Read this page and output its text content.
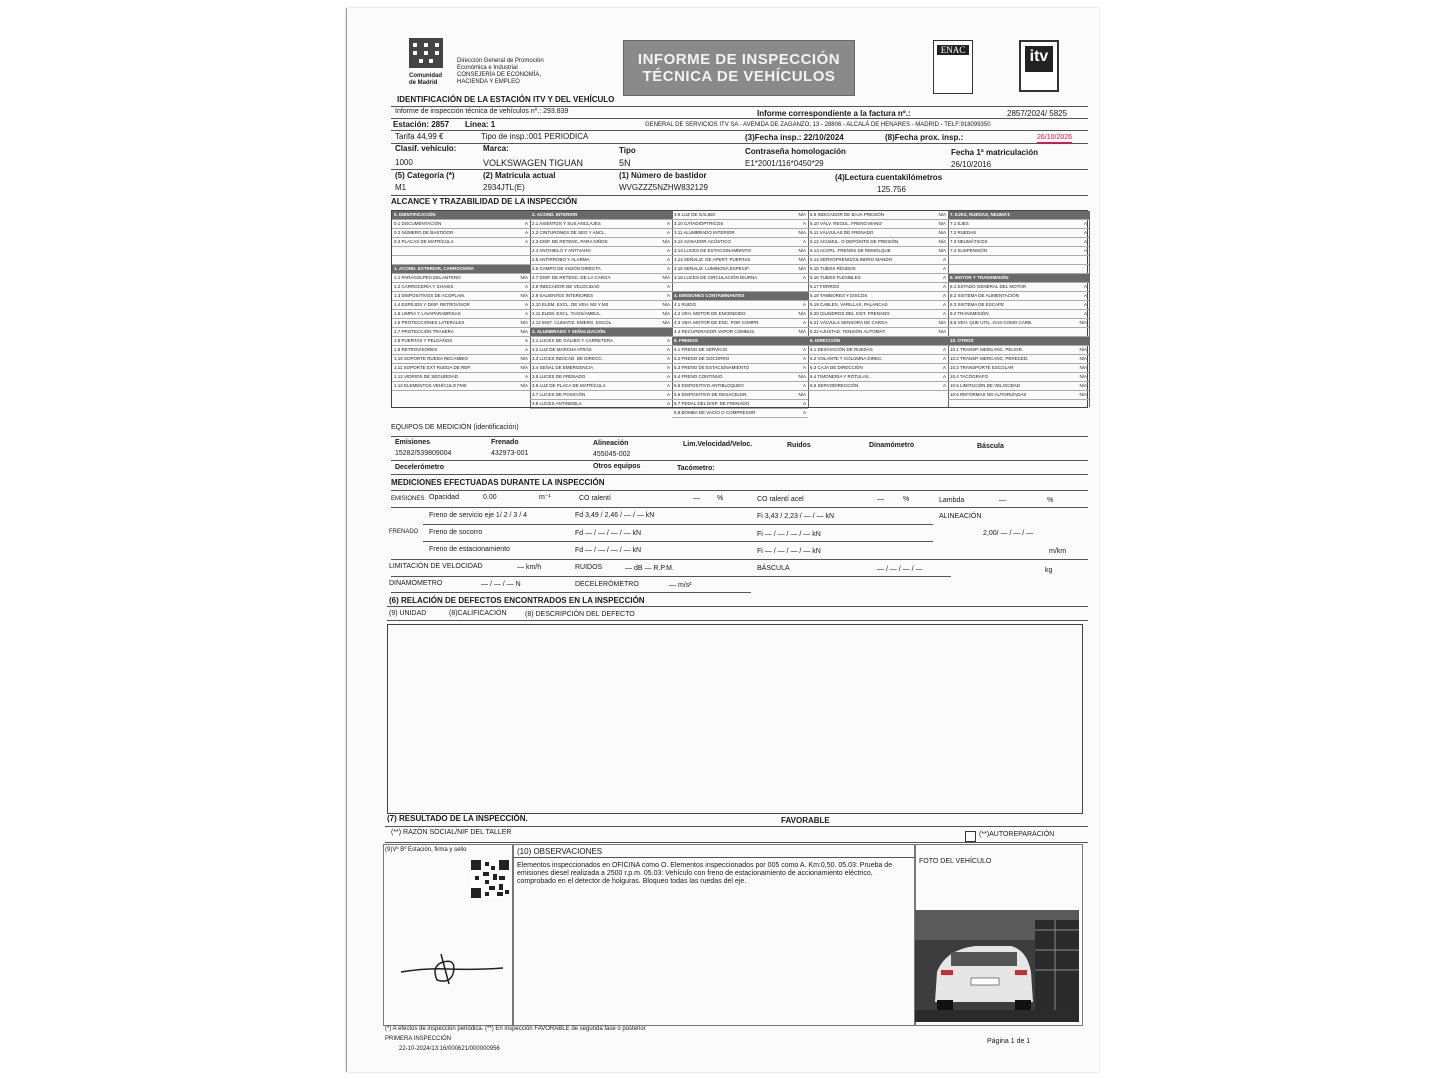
Comunidad
de Madrid
Dirección General de Promoción
Económica e Industrial
CONSEJERÍA DE ECONOMÍA,
HACIENDA Y EMPLEO
INFORME DE INSPECCIÓN
TÉCNICA DE VEHÍCULOS
ENAC	itv
IDENTIFICACIÓN DE LA ESTACIÓN ITV Y DEL VEHÍCULO
Informe de inspección técnica de vehículos nº.: 293.839	Informe correspondiente a la factura nº.:	2857/2024/ 5825
Estación: 2857 Línea: 1	GENERAL DE SERVICIOS ITV SA - AVENIDA DE ZAGANZO, 13 - 28806 - ALCALÁ DE HENARES - MADRID - TELF:918099350
Tarifa 44,99 €	Tipo de insp.:001 PERIODICA	(3)Fecha insp.: 22/10/2024	(8)Fecha prox. insp.:	26/10/2026
Clasif. vehículo:
1000
Marca:
VOLKSWAGEN TIGUAN
Tipo
5N
Contraseña homologación
E1*2001/116*0450*29
Fecha 1ª matriculación
26/10/2016
(5) Categoría (*)
M1
(2) Matrícula actual
2934JTL(E)
(1) Número de bastidor
WVGZZZ5NZHW832129
(4)Lectura cuentakilómetros
125.756
ALCANCE Y TRAZABILIDAD DE LA INSPECCIÓN
0. IDENTIFICACIÓN
0.1 DOCUMENTACIÓN	A
0.2 NÚMERO DE BASTIDOR	A
0.3 PLACAS DE MATRÍCULA	A
1. ACOND. EXTERIOR, CARROCERÍA
1.1 PARAGOLPES DELANTERO	N/A
1.2 CARROCERÍA Y CHASIS	A
1.3 DISPOSITIVOS DE ACOPLAM.	N/A
1.4 ESPEJOS Y DISP. RETROVISOR	A
1.5 LIMPIA Y LAVAPARABRISAS	A
1.6 PROTECCIONES LATERALES	N/A
1.7 PROTECCIÓN TRASERA	N/A
1.8 PUERTAS Y PELDAÑOS	A
1.9 RETROVISORES	A
1.10 SOPORTE RUEDA RECAMBIO	N/A
1.11 SOPORTE EXT RUEDA DE REP.	N/A
1.12 VIDRIOS DE SEGURIDAD	A
1.13 ELEMENTOS VEHÍCULO FMS	N/A
2. ACOND. INTERIOR
2.1 ASIENTOS Y SUS ANCLAJES	A
2.2 CINTURONES DE SEG Y ANCL.	A
2.3 DISP. DE RETENC. PARA NIÑOS	N/A
2.4 ANTIHIELO Y ANTIVAHO	A
2.5 ANTIRROBO Y ALARMA	A
2.6 CAMPO DE VISIÓN DIRECTA	A
2.7 DISP. DE RETENC. DE LA CARGA	N/A
2.8 INDICADOR DE VELOCIDAD	A
2.9 SALIENTES INTERIORES	A
2.10 ELEM. EXCL. DE VEH. M2 Y M3	N/A
2.11 ELEM. EXCL. TAXIS/AMBUL.	N/A
2.12 INST. CLIMATIZ. EMERG. ESCOL.	N/A
3. ALUMBRADO Y SEÑALIZACIÓN
3.1 LUCES DE GÁLIBO Y CARRETERA	A
3.2 LUZ DE MARCHA ATRÁS	A
3.3 LUCES INDICAD. DE DIRECC.	A
3.4 SEÑAL DE EMERGENCIA	A
3.5 LUCES DE FRENADO	A
3.6 LUZ DE PLACA DE MATRÍCULA	A
3.7 LUCES DE POSICIÓN	A
3.8 LUCES ANTINIEBLA	A
3.9 LUZ DE GÁLIBO	N/A
3.10 CATADIÓPTRICOS	A
3.11 ALUMBRADO INTERIOR	N/A
3.12 AVISADOR ACÚSTICO	A
3.13 LUCES DE ESTACIONAMIENTO	N/A
3.14 SEÑALIZ. DE APERT. PUERTAS	N/A
3.15 SEÑALIZ. LUMINOSA ESPECIF.	N/A
3.16 LUCES DE CIRCULACIÓN DIURNA	A
4. EMISIONES CONTAMINANTES
4.1 RUIDO	A
4.2 VEH. MOTOR DE ENCENDIDO	N/A
4.3 VEH. MOTOR DE ENC. POR COMPR.	A
4.4 RECUPERADOR VAPOR COMBUS.	N/A
5. FRENOS
5.1 FRENO DE SERVICIO	A
5.2 FRENO DE SOCORRO	A
5.3 FRENO DE ESTACIONAMIENTO	A
5.4 FRENO CONTINUO	N/A
5.5 DISPOSITIVO ANTIBLOQUEO	A
5.6 DISPOSITIVO DE DESACELER.	N/A
5.7 PEDAL DEL DISP. DE FRENADO	A
5.8 BOMBA DE VACÍO O COMPRESOR	A
5.9 INDICADOR DE BAJA PRESIÓN	N/A
5.10 VÁLV. REGUL. FRENO MANO	N/A
5.11 VÁLVULAS DE FRENADO	N/A
5.12 ACUMUL. O DEPÓSITO DE PRESIÓN	N/A
5.13 ACOPL. FRENOS DE REMOLQUE	N/A
5.14 SERVOFRENO/CILINDRO MANDO	A
5.15 TUBOS RÍGIDOS	A
5.16 TUBOS FLEXIBLES	A
5.17 FORROS	A
5.18 TAMBORES Y DISCOS	A
5.19 CABLES, VARILLAS, PALANCAS	A
5.20 CILINDROS DEL SIST. FRENADO	A
5.21 VÁLVULA SENSORA DE CARGA	N/A
5.22 AJUSTAD. TENSIÓN AUTOMÁT.	N/A
6. DIRECCIÓN
6.1 DESVIACIÓN DE RUEDAS	A
6.2 VOLANTE Y COLUMNA DIREC.	A
6.3 CAJA DE DIRECCIÓN	A
6.4 TIMONERÍA Y RÓTULAS	A
6.5 SERVODIRECCIÓN	A
7. EJES, RUEDAS, NEUMÁT.
7.1 EJES	A
7.2 RUEDAS	A
7.3 NEUMÁTICOS	A
7.4 SUSPENSIÓN	A
8. MOTOR Y TRANSMISIÓN
8.1 ESTADO GENERAL DEL MOTOR	A
8.2 SISTEMA DE ALIMENTACIÓN	A
8.3 SISTEMA DE ESCAPE	A
8.4 TRANSMISIÓN	A
8.5 VEH. QUE UTIL. GAS COMO CARB.	N/A
10. OTROS
10.1 TRANSP. MERCANC. PELIGR.	N/A
10.2 TRANSP. MERCANC. PERECED.	N/A
10.3 TRANSPORTE ESCOLAR	N/A
10.4 TACÓGRAFO	N/A
10.5 LIMITACIÓN DE VELOCIDAD	N/A
10.6 REFORMAS NO AUTORIZADAS	N/A
EQUIPOS DE MEDICIÓN (identificación)
Emisiones
15282/539809004
Frenado
432973-001
Alineación
455045-002
Lim.Velocidad/Veloc.	Ruidos	Dinamómetro	Báscula
Decelerómetro	Otros equipos	Tacómetro:
MEDICIONES EFECTUADAS DURANTE LA INSPECCIÓN
EMISIONES Opacidad	0.00	m⁻¹	CO ralentí	— %	CO ralentí acel	—	%	Lambda	—	%
FRENADO
Freno de servicio eje 1/ 2 / 3 / 4	Fd 3,49 / 2,46 / — / — kN	Fi 3,43 / 2,23 / — / — kN
Freno de socorro	Fd — / — / — / — kN	Fi — / — / — / — kN
Freno de estacionamiento	Fd — / — / — / — kN	Fi — / — / — / — kN
ALINEACIÓN
2,00/ — / — / —
m/km
LIMITACIÓN DE VELOCIDAD	— km/h	RUIDOS	— dB — R.P.M.	BÁSCULA	— / — / — / —	kg
DINAMÓMETRO	— / — / — N	DECELERÓMETRO	— m/s²
(6) RELACIÓN DE DEFECTOS ENCONTRADOS EN LA INSPECCIÓN
(9) UNIDAD	(8)CALIFICACIÓN	(8) DESCRIPCIÓN DEL DEFECTO
(7) RESULTADO DE LA INSPECCIÓN.	FAVORABLE
(**) RAZÓN SOCIAL/NIF DEL TALLER	(**)AUTOREPARACIÓN
(9)Vº Bº Estación, firma y sello	(10) OBSERVACIONES
Elementos inspeccionados en OFICINA como O. Elementos inspeccionados por 005 como A. Km:0,50. 05.03: Prueba de emisiones diesel realizada a 2500 r.p.m. 05.03: Vehículo con freno de estacionamiento de accionamiento eléctrico, comprobado en el detector de holguras. Bloqueo todas las ruedas del eje.
FOTO DEL VEHÍCULO
(*) A efectos de inspección periódica. (**) En inspección FAVORABLE de segunda fase o posterior
PRIMERA INSPECCIÓN
22-10-2024/13:16/000621/000000956
Página 1 de 1
